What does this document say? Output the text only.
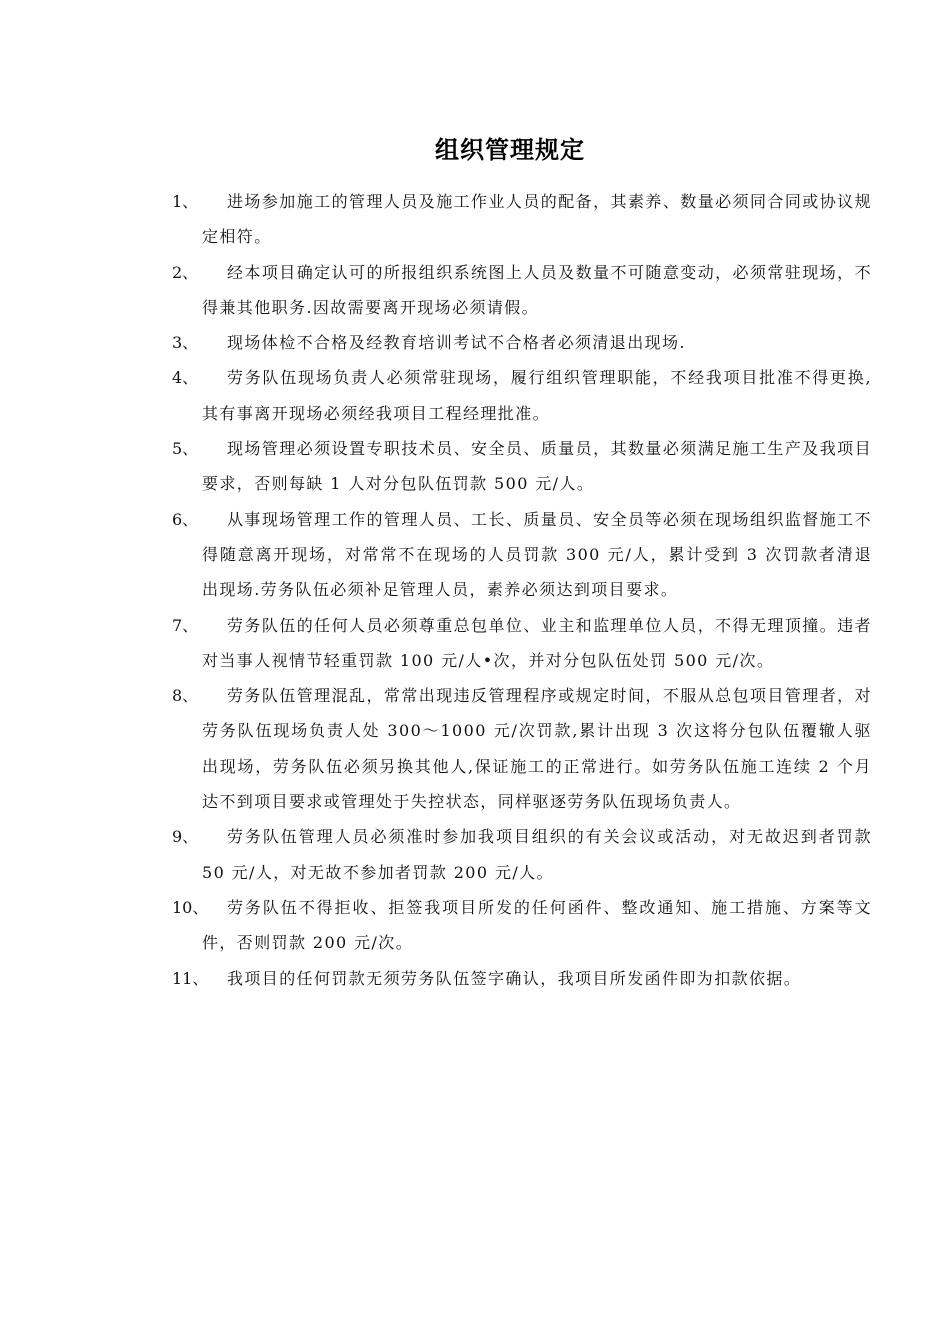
组织管理规定
1、	进场参加施工的管理人员及施工作业人员的配备，其素养、数量必须同合同或协议规定相符。
2、	经本项目确定认可的所报组织系统图上人员及数量不可随意变动，必须常驻现场，不得兼其他职务.因故需要离开现场必须请假。
3、	现场体检不合格及经教育培训考试不合格者必须清退出现场.
4、	劳务队伍现场负责人必须常驻现场，履行组织管理职能，不经我项目批准不得更换,其有事离开现场必须经我项目工程经理批准。
5、	现场管理必须设置专职技术员、安全员、质量员，其数量必须满足施工生产及我项目要求，否则每缺 1 人对分包队伍罚款 500 元/人。
6、	从事现场管理工作的管理人员、工长、质量员、安全员等必须在现场组织监督施工不得随意离开现场，对常常不在现场的人员罚款 300 元/人，累计受到 3 次罚款者清退出现场.劳务队伍必须补足管理人员，素养必须达到项目要求。
7、	劳务队伍的任何人员必须尊重总包单位、业主和监理单位人员，不得无理顶撞。违者对当事人视情节轻重罚款 100 元/人•次，并对分包队伍处罚 500 元/次。
8、	劳务队伍管理混乱，常常出现违反管理程序或规定时间，不服从总包项目管理者，对劳务队伍现场负责人处 300～1000 元/次罚款,累计出现 3 次这将分包队伍覆辙人驱出现场，劳务队伍必须另换其他人,保证施工的正常进行。如劳务队伍施工连续 2 个月达不到项目要求或管理处于失控状态，同样驱逐劳务队伍现场负责人。
9、	劳务队伍管理人员必须准时参加我项目组织的有关会议或活动，对无故迟到者罚款 50 元/人，对无故不参加者罚款 200 元/人。
10、	劳务队伍不得拒收、拒签我项目所发的任何函件、整改通知、施工措施、方案等文件，否则罚款 200 元/次。
11、	我项目的任何罚款无须劳务队伍签字确认，我项目所发函件即为扣款依据。
